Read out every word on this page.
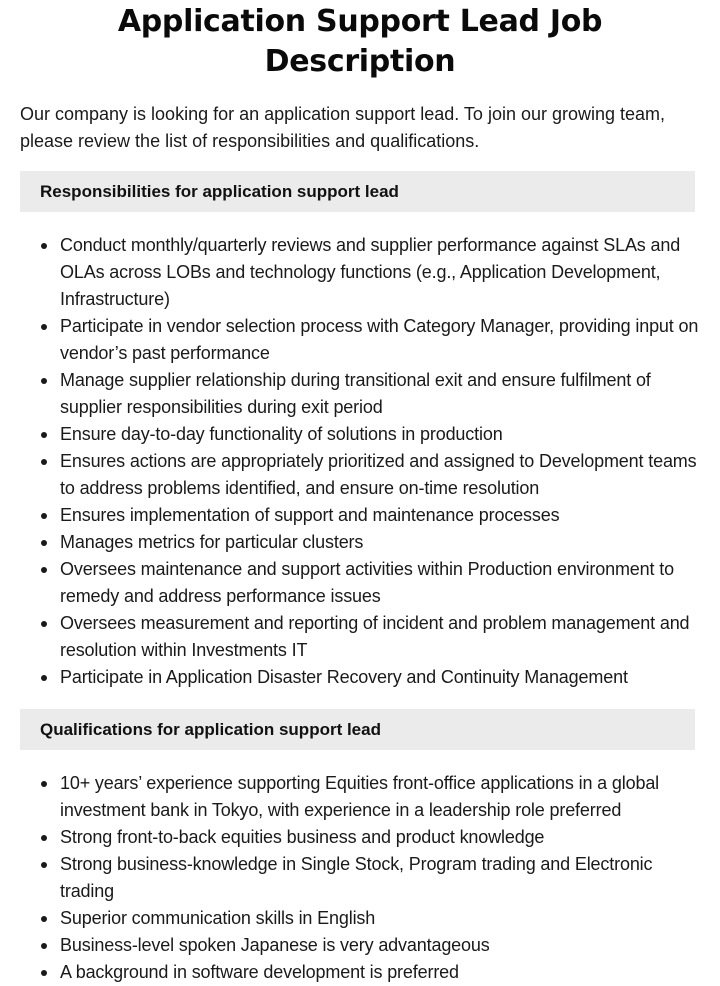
Application Support Lead Job Description

Our company is looking for an application support lead. To join our growing team, please review the list of responsibilities and qualifications.

Responsibilities for application support lead
Conduct monthly/quarterly reviews and supplier performance against SLAs and OLAs across LOBs and technology functions (e.g., Application Development, Infrastructure)
Participate in vendor selection process with Category Manager, providing input on vendor’s past performance
Manage supplier relationship during transitional exit and ensure fulfilment of supplier responsibilities during exit period
Ensure day-to-day functionality of solutions in production
Ensures actions are appropriately prioritized and assigned to Development teams to address problems identified, and ensure on-time resolution
Ensures implementation of support and maintenance processes
Manages metrics for particular clusters
Oversees maintenance and support activities within Production environment to remedy and address performance issues
Oversees measurement and reporting of incident and problem management and resolution within Investments IT
Participate in Application Disaster Recovery and Continuity Management
Qualifications for application support lead
10+ years’ experience supporting Equities front-office applications in a global investment bank in Tokyo, with experience in a leadership role preferred
Strong front-to-back equities business and product knowledge
Strong business-knowledge in Single Stock, Program trading and Electronic trading
Superior communication skills in English
Business-level spoken Japanese is very advantageous
A background in software development is preferred
